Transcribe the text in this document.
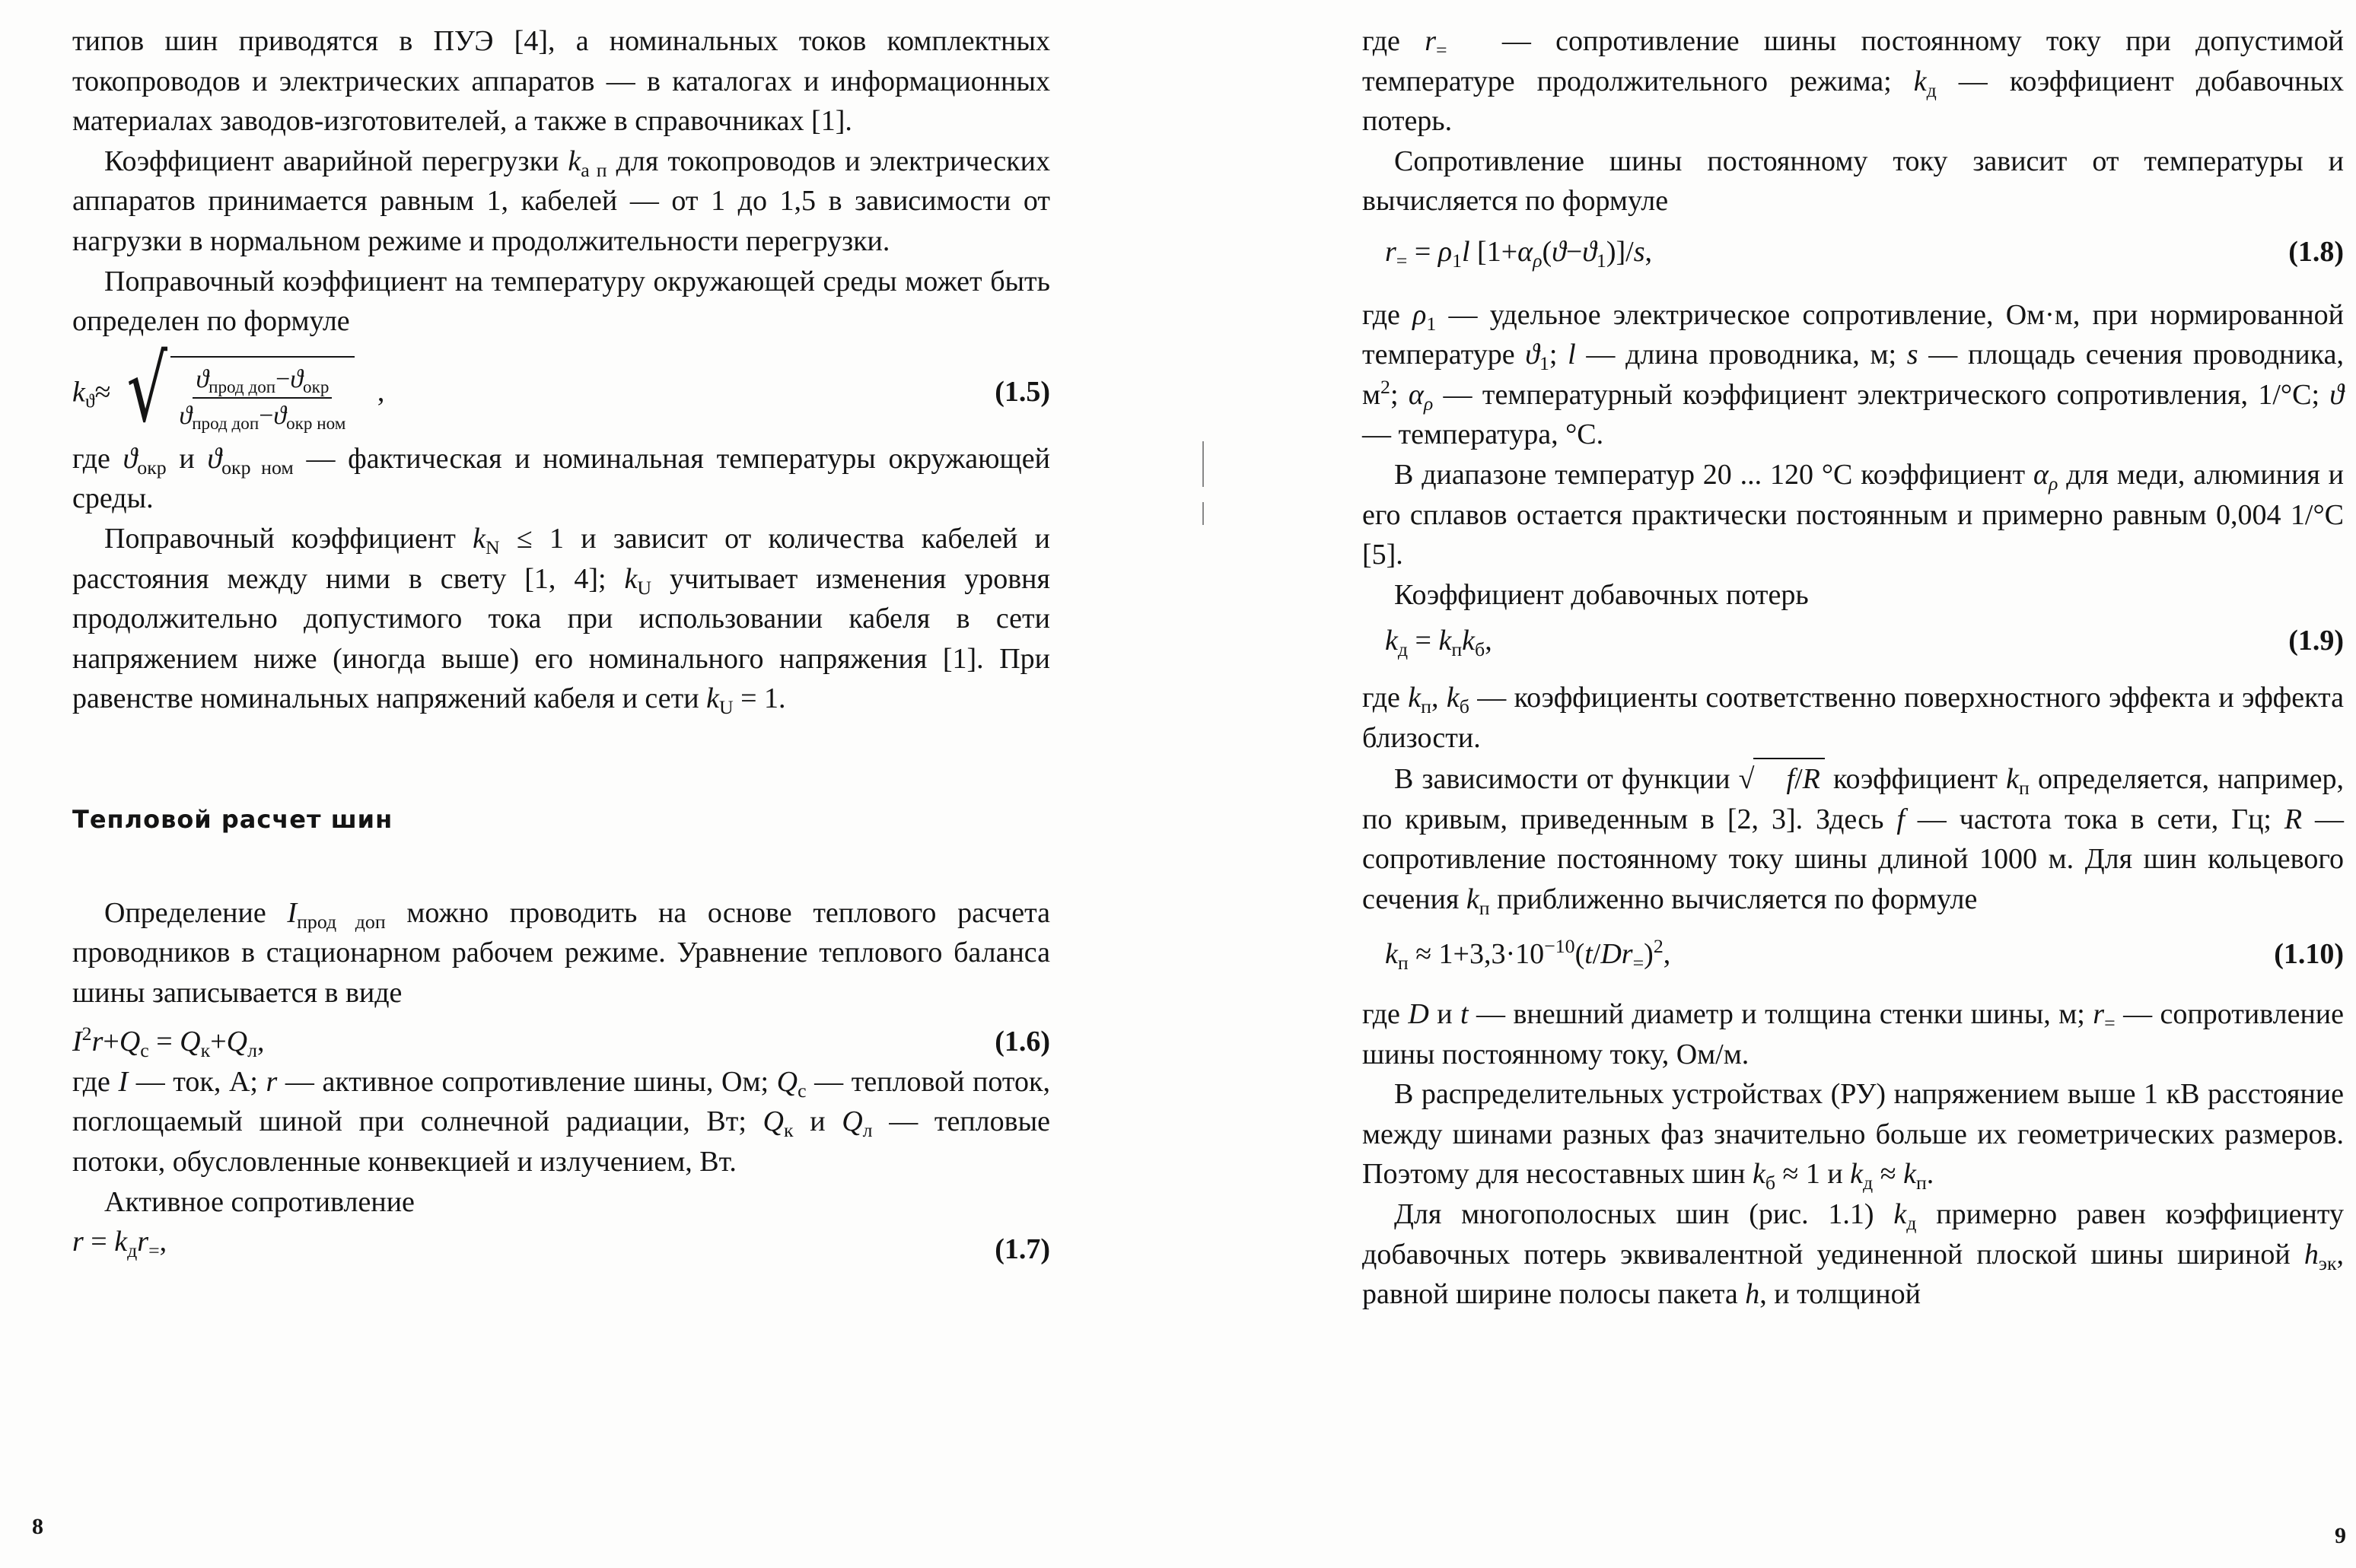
типов шин приводятся в ПУЭ [4], а номинальных токов комплектных токопроводов и электрических аппаратов — в каталогах и информационных материалах заводов-изготовителей, а также в справочниках [1].

Коэффициент аварийной перегрузки $k_{а п}$ для токопроводов и электрических аппаратов принимается равным 1, кабелей — от 1 до 1,5 в зависимости от нагрузки в нормальном режиме и продолжительности перегрузки.

Поправочный коэффициент на температуру окружающей среды может быть определен по формуле

$k_ϑ\approx$ √ $\frac{ϑ_{прод доп}-ϑ_{окр}}{ϑ_{прод доп}-ϑ_{окр ном}}$ ,	(1.5)

где $ϑ_{окр}$ и $ϑ_{окр ном}$ — фактическая и номинальная температуры окружающей среды.

Поправочный коэффициент $k_N \le 1$ и зависит от количества кабелей и расстояния между ними в свету [1, 4]; $k_U$ учитывает изменения уровня продолжительно допустимого тока при использовании кабеля в сети напряжением ниже (иногда выше) его номинального напряжения [1]. При равенстве номинальных напряжений кабеля и сети $k_U = 1$.

Тепловой расчет шин

Определение $I_{прод доп}$ можно проводить на основе теплового расчета проводников в стационарном рабочем режиме. Уравнение теплового баланса шины записывается в виде

$I^2r+Q_с = Q_к+Q_л$,	(1.6)

где I — ток, А; r — активное сопротивление шины, Ом; $Q_с$ — тепловой поток, поглощаемый шиной при солнечной радиации, Вт; $Q_к$ и $Q_л$ — тепловые потоки, обусловленные конвекцией и излучением, Вт.

Активное сопротивление

$r = k_дr_=$,	(1.7)
8

где $r_=$ — сопротивление шины постоянному току при допустимой температуре продолжительного режима; $k_д$ — коэффициент добавочных потерь.

Сопротивление шины постоянному току зависит от температуры и вычисляется по формуле

$r_= = \rho_1l$ $[1+\alpha_\rho(ϑ-ϑ_1)]/s$,	(1.8)

где $\rho_1$ — удельное электрическое сопротивление, Ом·м, при нормированной температуре $ϑ_1$; l — длина проводника, м; s — площадь сечения проводника, $м^2$; $\alpha_\rho$ — температурный коэффициент электрического сопротивления, 1/°С; ϑ — температура, °С.

В диапазоне температур 20 ... 120 °С коэффициент $\alpha_\rho$ для меди, алюминия и его сплавов остается практически постоянным и примерно равным 0,004 1/°С [5].

Коэффициент добавочных потерь

$k_д = k_пk_б$,	(1.9)

где $k_п$, $k_б$ — коэффициенты соответственно поверхностного эффекта и эффекта близости.

В зависимости от функции √ f/R коэффициент $k_п$ определяется, например, по кривым, приведенным в [2, 3]. Здесь f — частота тока в сети, Гц; R — сопротивление постоянному току шины длиной 1000 м. Для шин кольцевого сечения $k_п$ приближенно вычисляется по формуле

$k_п \approx 1+3,3\cdot 10^{-10}(t/Dr_=)^2$,	(1.10)

где D и t — внешний диаметр и толщина стенки шины, м; $r_=$ — сопротивление шины постоянному току, Ом/м.

В распределительных устройствах (РУ) напряжением выше 1 кВ расстояние между шинами разных фаз значительно больше их геометрических размеров. Поэтому для несоставных шин $k_б \approx 1$ и $k_д \approx k_п$.

Для многополосных шин (рис. 1.1) $k_д$ примерно равен коэффициенту добавочных потерь эквивалентной уединенной плоской шины шириной $h_{эк}$, равной ширине полосы пакета h, и толщиной

9
